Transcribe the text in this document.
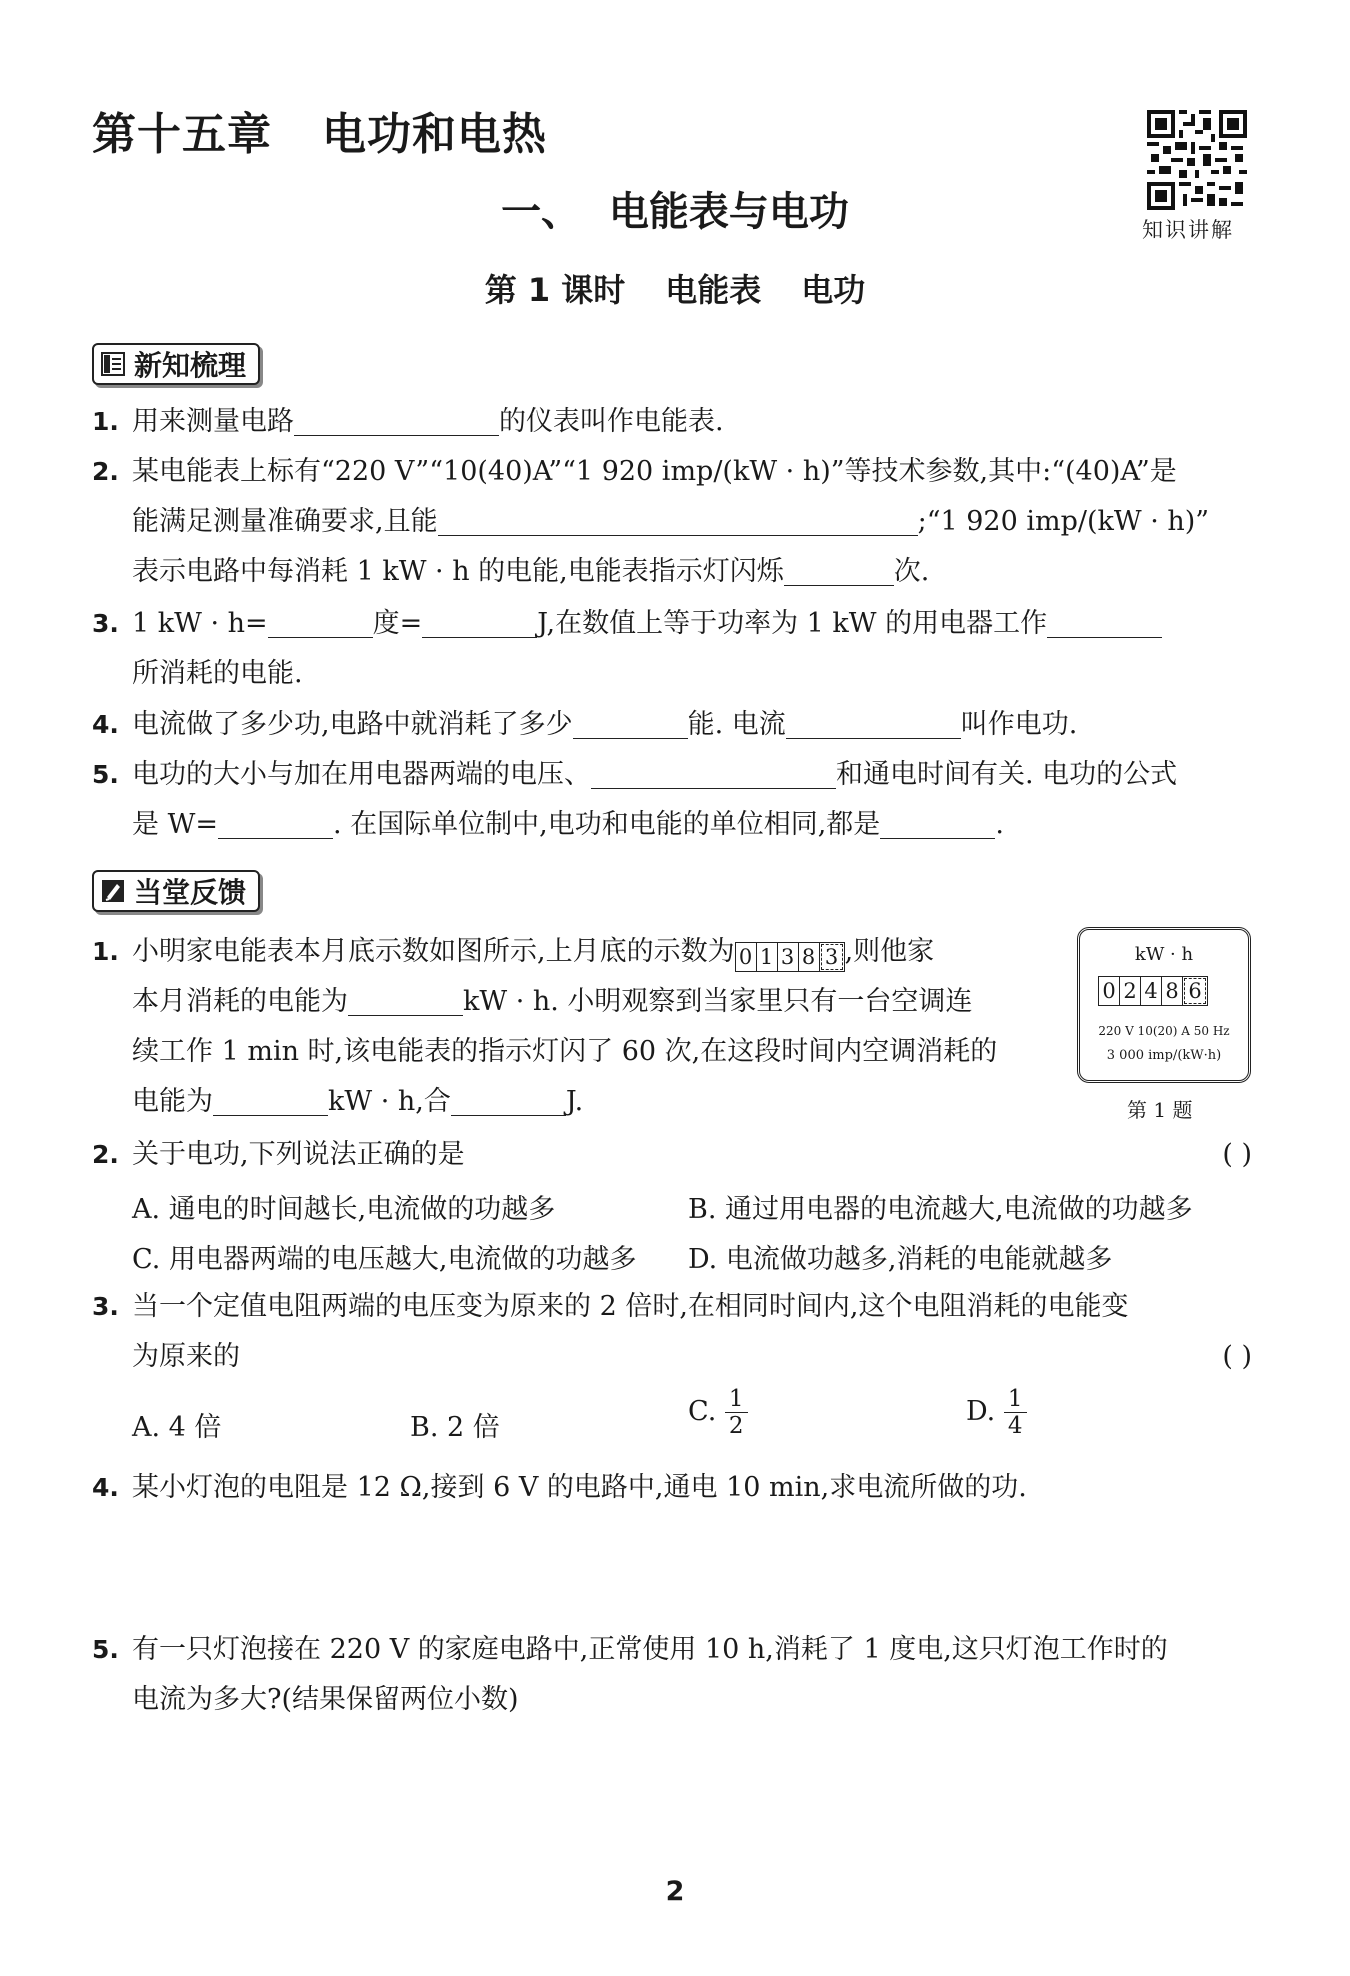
第十五章 电功和电热
一、 电能表与电功
第 1 课时 电能表 电功
知识讲解
新知梳理
1. 用来测量电路	的仪表叫作电能表.
2. 某电能表上标有“220 V”“10(40)A”“1 920 imp/(kW · h)”等技术参数,其中:“(40)A”是
能满足测量准确要求,且能	;“1 920 imp/(kW · h)”
表示电路中每消耗 1 kW · h 的电能,电能表指示灯闪烁	次.
3. 1 kW · h=	度=	J,在数值上等于功率为 1 kW 的用电器工作
所消耗的电能.
4. 电流做了多少功,电路中就消耗了多少	能. 电流	叫作电功.
5. 电功的大小与加在用电器两端的电压、	和通电时间有关. 电功的公式
是 W=	. 在国际单位制中,电功和电能的单位相同,都是	.
当堂反馈
1. 小明家电能表本月底示数如图所示,上月底的示数为 0 1 3 8 3 ,则他家
本月消耗的电能为	kW · h. 小明观察到当家里只有一台空调连
续工作 1 min 时,该电能表的指示灯闪了 60 次,在这段时间内空调消耗的
电能为	kW · h,合	J.
kW · h
0 2 4 8 6
220 V 10(20) A 50 Hz
3 000 imp/(kW·h)
第 1 题
2. 关于电功,下列说法正确的是	( )
A. 通电的时间越长,电流做的功越多	B. 通过用电器的电流越大,电流做的功越多
C. 用电器两端的电压越大,电流做的功越多 D. 电流做功越多,消耗的电能就越多
3. 当一个定值电阻两端的电压变为原来的 2 倍时,在相同时间内,这个电阻消耗的电能变
为原来的	( )
A. 4 倍	B. 2 倍
C. $\frac{1}{2}$	D. $\frac{1}{4}$
4. 某小灯泡的电阻是 12 Ω,接到 6 V 的电路中,通电 10 min,求电流所做的功.
5. 有一只灯泡接在 220 V 的家庭电路中,正常使用 10 h,消耗了 1 度电,这只灯泡工作时的
电流为多大?(结果保留两位小数)
2
